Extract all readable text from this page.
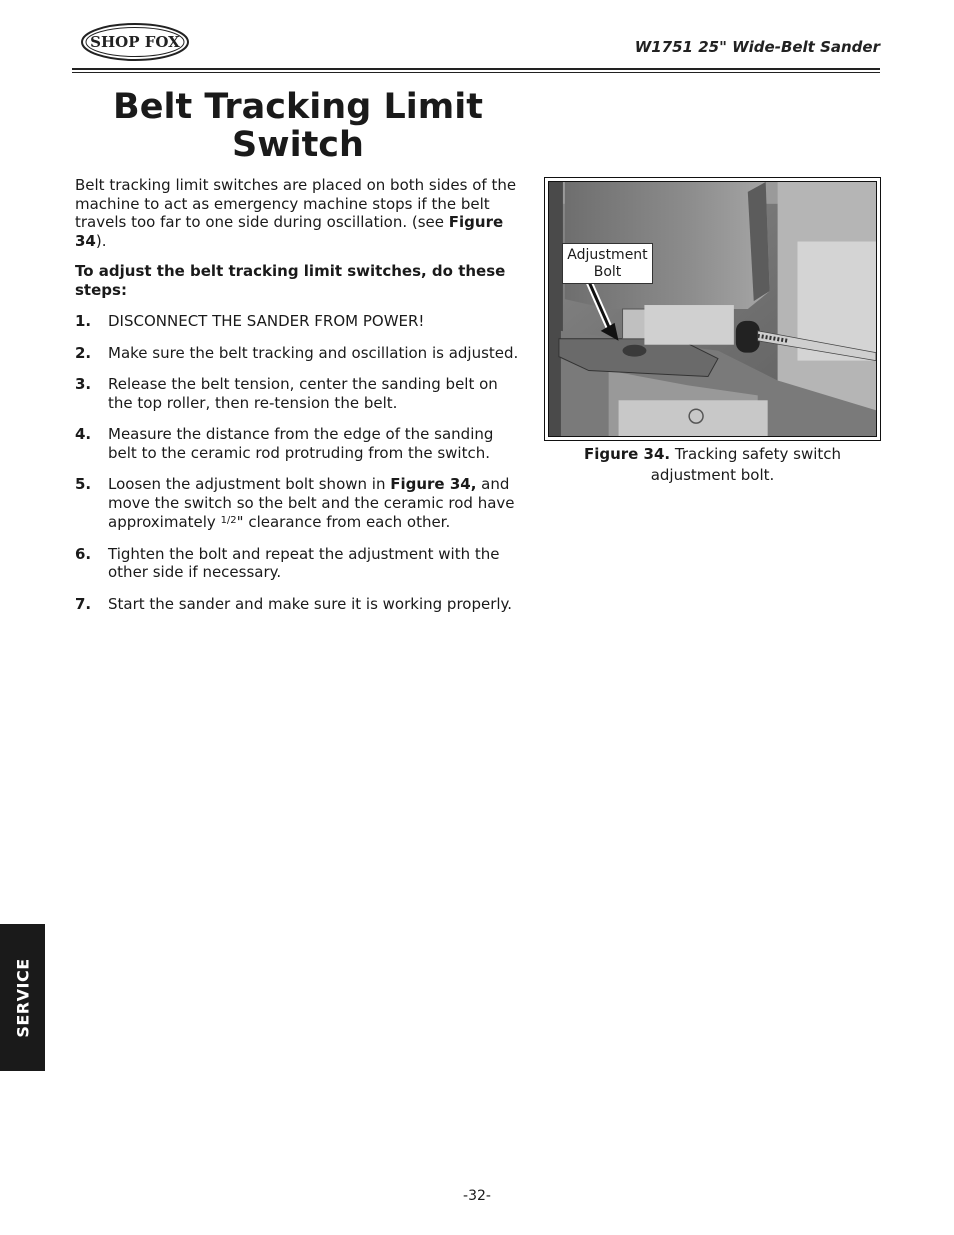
SHOP FOX	W1751 25" Wide-Belt Sander
Belt Tracking Limit
Switch

Belt tracking limit switches are placed on both sides of the machine to act as emergency machine stops if the belt travels too far to one side during oscillation. (see Figure 34).

To adjust the belt tracking limit switches, do these steps:

1. DISCONNECT THE SANDER FROM POWER!
2. Make sure the belt tracking and oscillation is adjusted.
3. Release the belt tension, center the sanding belt on the top roller, then re-tension the belt.
4. Measure the distance from the edge of the sanding belt to the ceramic rod protruding from the switch.
5. Loosen the adjustment bolt shown in Figure 34, and move the switch so the belt and the ceramic rod have approximately $^{1/2}$" clearance from each other.
6. Tighten the bolt and repeat the adjustment with the other side if necessary.
7. Start the sander and make sure it is working properly.
Adjustment
Bolt
Figure 34. Tracking safety switch
adjustment bolt.
SERVICE
-32-
